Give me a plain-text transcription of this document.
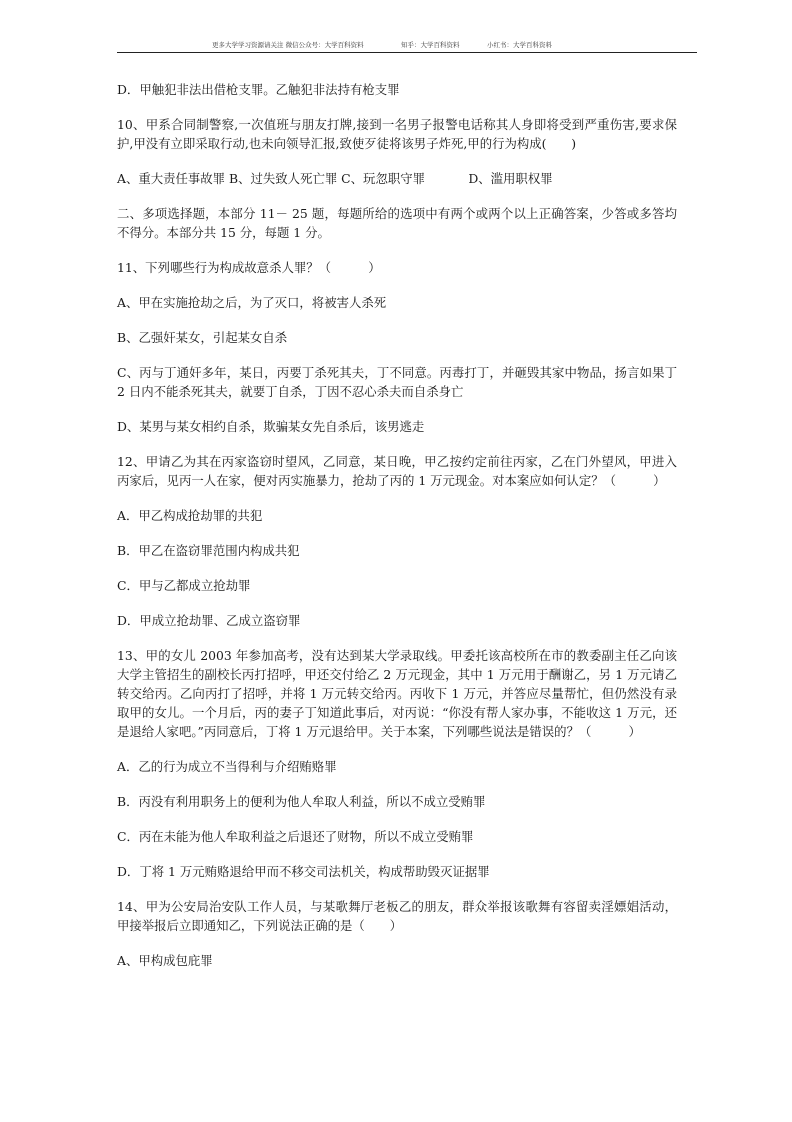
更多大学学习资源请关注 微信公众号：大学百科资料	知乎：大学百科资料	小红书：大学百科资料

D．甲触犯非法出借枪支罪。乙触犯非法持有枪支罪

10、甲系合同制警察,一次值班与朋友打牌,接到一名男子报警电话称其人身即将受到严重伤害,要求保护,甲没有立即采取行动,也未向领导汇报,致使歹徒将该男子炸死,甲的行为构成(　　)

A、重大责任事故罪 B、过失致人死亡罪 C、玩忽职守罪           D、滥用职权罪

二、多项选择题，本部分 11－ 25 题，每题所给的选项中有两个或两个以上正确答案，少答或多答均不得分。本部分共 15 分，每题 1 分。

11、下列哪些行为构成故意杀人罪？（　　　）

A、甲在实施抢劫之后，为了灭口，将被害人杀死

B、乙强奸某女，引起某女自杀

C、丙与丁通奸多年，某日，丙要丁杀死其夫，丁不同意。丙毒打丁，并砸毁其家中物品，扬言如果丁 2 日内不能杀死其夫，就要丁自杀，丁因不忍心杀夫而自杀身亡

D、某男与某女相约自杀，欺骗某女先自杀后，该男逃走

12、甲请乙为其在丙家盗窃时望风，乙同意，某日晚，甲乙按约定前往丙家，乙在门外望风，甲进入丙家后，见丙一人在家，便对丙实施暴力，抢劫了丙的 1 万元现金。对本案应如何认定？（　　　）

A．甲乙构成抢劫罪的共犯

B．甲乙在盗窃罪范围内构成共犯

C．甲与乙都成立抢劫罪

D．甲成立抢劫罪、乙成立盗窃罪

13、甲的女儿 2003 年参加高考，没有达到某大学录取线。甲委托该高校所在市的教委副主任乙向该大学主管招生的副校长丙打招呼，甲还交付给乙 2 万元现金，其中 1 万元用于酬谢乙，另 1 万元请乙转交给丙。乙向丙打了招呼，并将 1 万元转交给丙。丙收下 1 万元，并答应尽量帮忙，但仍然没有录取甲的女儿。一个月后，丙的妻子丁知道此事后，对丙说：“你没有帮人家办事，不能收这 1 万元，还是退给人家吧。”丙同意后，丁将 1 万元退给甲。关于本案，下列哪些说法是错误的？（　　　）

A．乙的行为成立不当得利与介绍贿赂罪

B．丙没有利用职务上的便利为他人牟取人利益，所以不成立受贿罪

C．丙在未能为他人牟取利益之后退还了财物，所以不成立受贿罪

D．丁将 1 万元贿赂退给甲而不移交司法机关，构成帮助毁灭证据罪

14、甲为公安局治安队工作人员，与某歌舞厅老板乙的朋友，群众举报该歌舞有容留卖淫嫖娼活动，甲接举报后立即通知乙，下列说法正确的是（　　）

A、甲构成包庇罪
